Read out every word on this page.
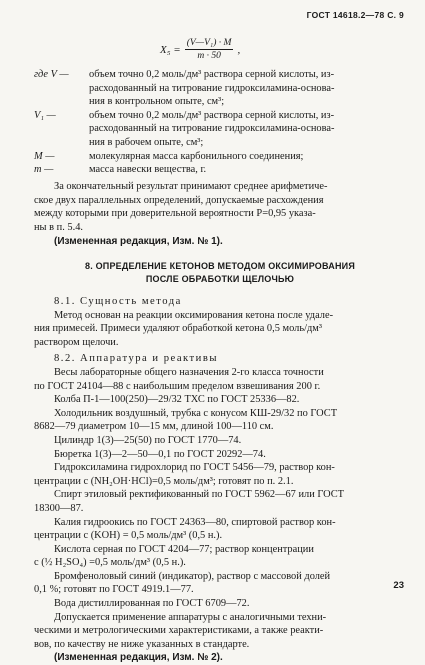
ГОСТ 14618.2—78 С. 9
$X_5 = \frac{\text{(V—V₁) · M}}{m \cdot 50}$ ,
где V —	объем точно 0,2 моль/дм³ раствора серной кислоты, из-
расходованный на титрование гидроксиламина-основа-
ния в контрольном опыте, см³;
V₁ —	объем точно 0,2 моль/дм³ раствора серной кислоты, из-
расходованный на титрование гидроксиламина-основа-
ния в рабочем опыте, см³;
M —	молекулярная масса карбонильного соединения;
m —	масса навески вещества, г.
За окончательный результат принимают среднее арифметиче-
ское двух параллельных определений, допускаемые расхождения
между которыми при доверительной вероятности P=0,95 указа-
ны в п. 5.4.
(Измененная редакция, Изм. № 1).
8. ОПРЕДЕЛЕНИЕ КЕТОНОВ МЕТОДОМ ОКСИМИРОВАНИЯ
ПОСЛЕ ОБРАБОТКИ ЩЕЛОЧЬЮ
8.1. Сущность метода
Метод основан на реакции оксимирования кетона после удале-
ния примесей. Примеси удаляют обработкой кетона 0,5 моль/дм³
раствором щелочи.
8.2. Аппаратура и реактивы
Весы лабораторные общего назначения 2-го класса точности
по ГОСТ 24104—88 с наибольшим пределом взвешивания 200 г.
Колба П-1—100(250)—29/32 ТХС по ГОСТ 25336—82.
Холодильник воздушный, трубка с конусом КШ-29/32 по ГОСТ
8682—79 диаметром 10—15 мм, длиной 100—110 см.
Цилиндр 1(3)—25(50) по ГОСТ 1770—74.
Бюретка 1(3)—2—50—0,1 по ГОСТ 20292—74.
Гидроксиламина гидрохлорид по ГОСТ 5456—79, раствор кон-
центрации c (NH₂OH·HCl)=0,5 моль/дм³; готовят по п. 2.1.
Спирт этиловый ректификованный по ГОСТ 5962—67 или ГОСТ
18300—87.
Калия гидроокись по ГОСТ 24363—80, спиртовой раствор кон-
центрации c (KOH) = 0,5 моль/дм³ (0,5 н.).
Кислота серная по ГОСТ 4204—77; раствор концентрации
c (½ H₂SO₄) =0,5 моль/дм³ (0,5 н.).
Бромфеноловый синий (индикатор), раствор с массовой долей
0,1 %; готовят по ГОСТ 4919.1—77.
Вода дистиллированная по ГОСТ 6709—72.
Допускается применение аппаратуры с аналогичными техни-
ческими и метрологическими характеристиками, а также реакти-
вов, по качеству не ниже указанных в стандарте.
(Измененная редакция, Изм. № 2).
23
